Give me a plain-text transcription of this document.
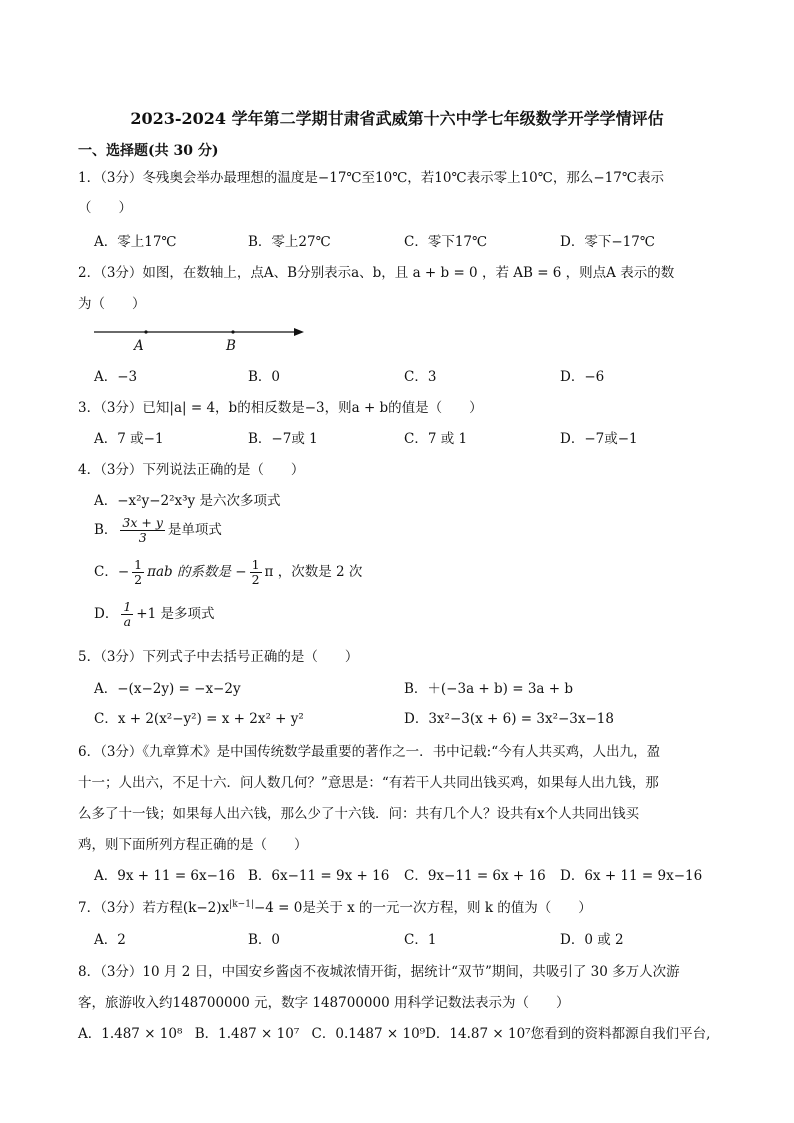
2023-2024 学年第二学期甘肃省武威第十六中学七年级数学开学学情评估
一、选择题(共 30 分)
1．（3分）冬残奥会举办最理想的温度是−17℃至10℃，若10℃表示零上10℃，那么−17℃表示
（　　）
A．零上17℃	B．零上27℃	C．零下17℃	D．零下−17℃
2．（3分）如图，在数轴上，点A、B分别表示a、b，且 a + b = 0 ，若 AB = 6 ，则点A 表示的数
为（　　）
A	B
A．−3	B．0	C．3	D．−6
3．（3分）已知|a| = 4，b的相反数是−3，则a + b的值是（　　）
A．7 或−1	B．−7或 1	C．7 或 1	D．−7或−1
4．（3分）下列说法正确的是（　　）
A．−x²y−2²x³y 是六次多项式
B． $\frac{3x + y}{3}$ 是单项式
C．− $\frac{1}{2}$ πab 的系数是 − $\frac{1}{2}$ π ，次数是 2 次
D． $\frac{1}{a} +1$ 是多项式
5．（3分）下列式子中去括号正确的是（　　）
A．−(x−2y) = −x−2y	B．＋(−3a + b) = 3a + b
C．x + 2(x²−y²) = x + 2x² + y²	D．3x²−3(x + 6) = 3x²−3x−18
6．（3分）《九章算术》是中国传统数学最重要的著作之一．书中记载:“今有人共买鸡，人出九，盈
十一；人出六，不足十六．问人数几何？”意思是：“有若干人共同出钱买鸡，如果每人出九钱，那
么多了十一钱；如果每人出六钱，那么少了十六钱．问：共有几个人？设共有x个人共同出钱买
鸡，则下面所列方程正确的是（　　）
A．9x + 11 = 6x−16 B．6x−11 = 9x + 16 C．9x−11 = 6x + 16 D．6x + 11 = 9x−16
7．（3分）若方程$(k-2)x^{|k-1|}-4 = 0$是关于 x 的一元一次方程，则 k 的值为（　　）
A．2	B．0	C．1	D．0 或 2
8．（3分）10 月 2 日，中国安乡酱卤不夜城浓情开街，据统计“双节”期间，共吸引了 30 多万人次游
客，旅游收入约148700000 元，数字 148700000 用科学记数法表示为（　　）
A．1.487 × 10⁸ B．1.487 × 10⁷ C．0.1487 × 10⁹D．14.87 × 10⁷您看到的资料都源自我们平台,
